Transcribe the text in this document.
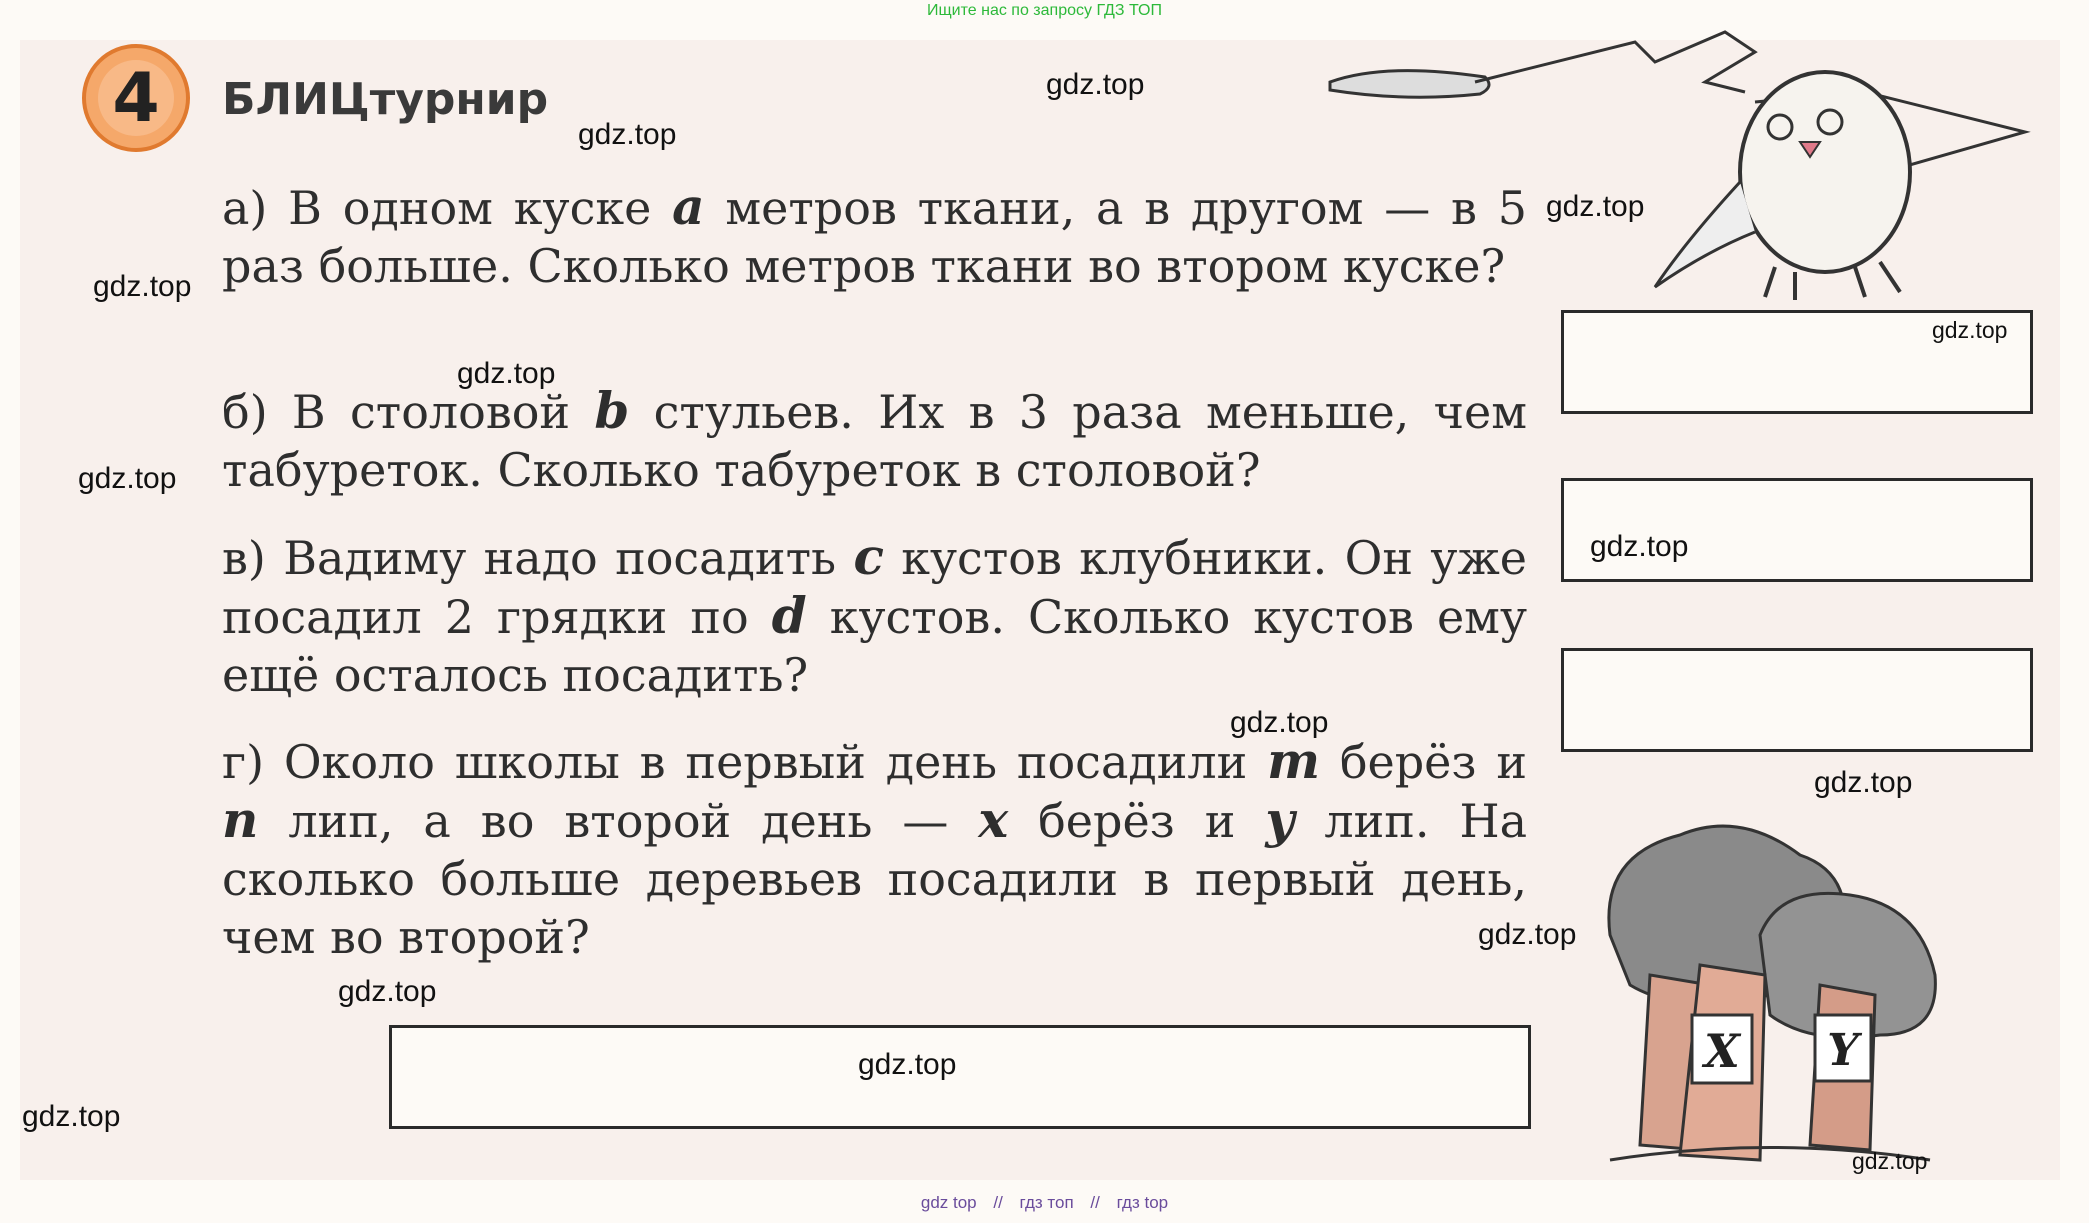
Ищите нас по запросу ГДЗ ТОП
4	БЛИЦтурнир
а) В одном куске a метров ткани, а в другом — в 5 раз больше. Сколько метров ткани во втором куске?
б) В столовой b стульев. Их в 3 раза меньше, чем табуреток. Сколько табуреток в столовой?
в) Вадиму надо посадить c кустов клубники. Он уже посадил 2 грядки по d кустов. Сколько кустов ему ещё осталось посадить?
г) Около школы в первый день посадили m берёз и n лип, а во второй день — x берёз и y лип. На сколько больше деревьев посадили в первый день, чем во второй?
X Y
gdz.top
gdz.top
gdz.top
gdz.top
gdz.top
gdz.top
gdz.top
gdz.top
gdz.top
gdz.top
gdz.top
gdz.top
gdz.top
gdz.top
gdz.top
gdz top // гдз топ // гдз top
